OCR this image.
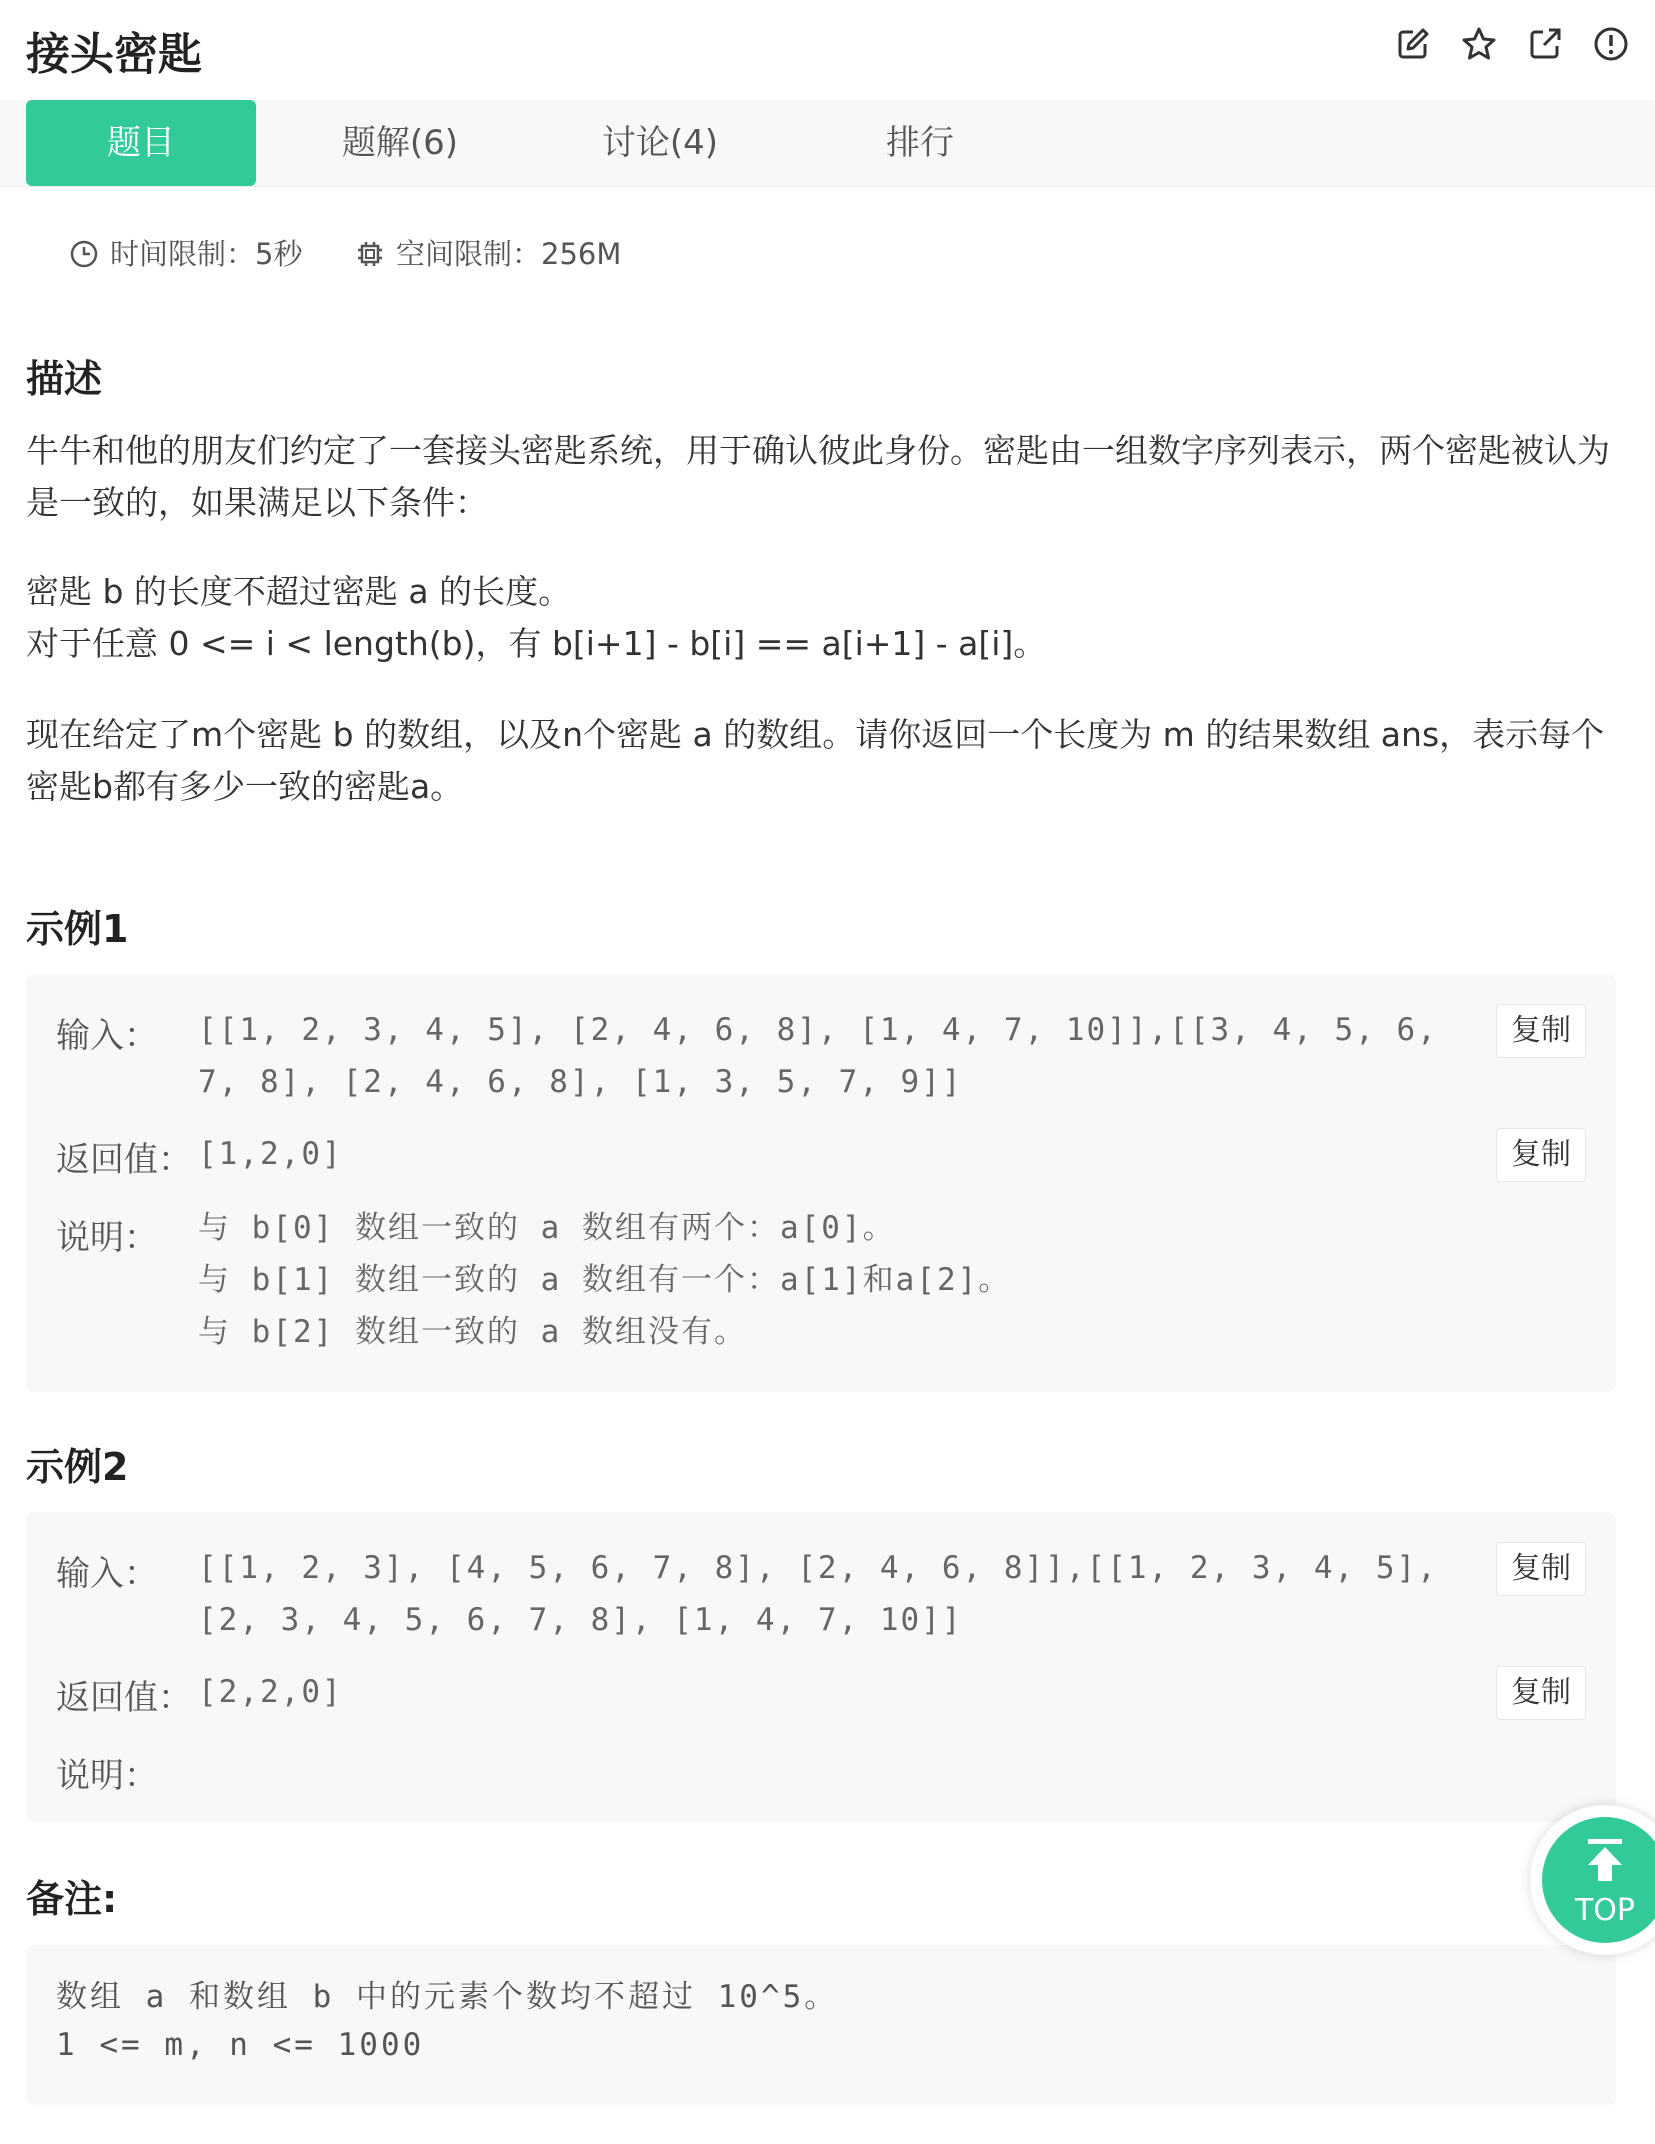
接头密匙
题目	题解(6)	讨论(4)	排行
时间限制：5秒	空间限制：256M
描述
牛牛和他的朋友们约定了一套接头密匙系统，用于确认彼此身份。密匙由一组数字序列表示，两个密匙被认为是一致的，如果满足以下条件：
密匙 b 的长度不超过密匙 a 的长度。
对于任意 0 <= i < length(b)，有 b[i+1] - b[i] == a[i+1] - a[i]。
现在给定了m个密匙 b 的数组，以及n个密匙 a 的数组。请你返回一个长度为 m 的结果数组 ans，表示每个密匙b都有多少一致的密匙a。
示例1
输入： [[1, 2, 3, 4, 5], [2, 4, 6, 8], [1, 4, 7, 10]],[[3, 4, 5, 6, 7, 8], [2, 4, 6, 8], [1, 3, 5, 7, 9]]
复制
返回值： [1,2,0]	复制
说明： 与 b[0] 数组一致的 a 数组有两个：a[0]。
与 b[1] 数组一致的 a 数组有一个：a[1]和a[2]。
与 b[2] 数组一致的 a 数组没有。
示例2
输入： [[1, 2, 3], [4, 5, 6, 7, 8], [2, 4, 6, 8]],[[1, 2, 3, 4, 5], [2, 3, 4, 5, 6, 7, 8], [1, 4, 7, 10]]
复制
返回值： [2,2,0]	复制
说明：
备注:
数组 a 和数组 b 中的元素个数均不超过 10^5。
1 <= m, n <= 1000
TOP
